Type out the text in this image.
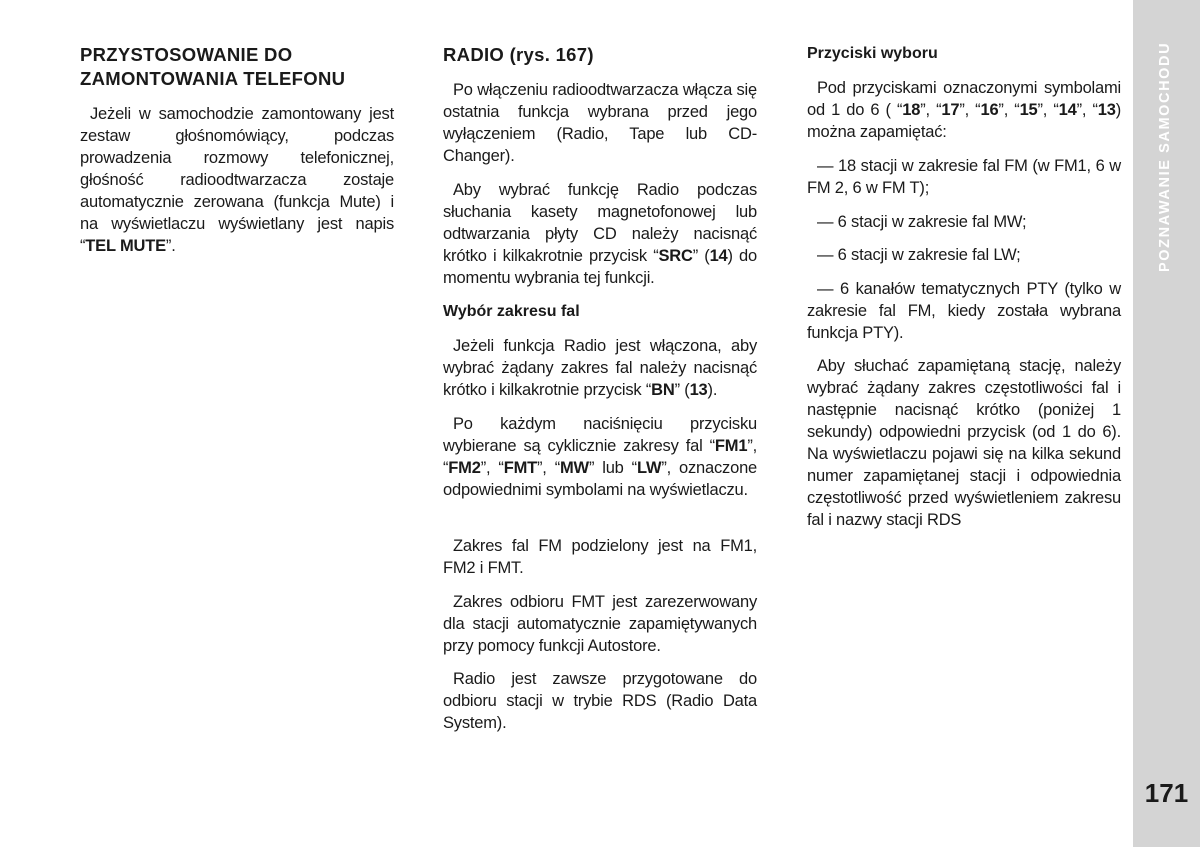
PRZYSTOSOWANIE DO
ZAMONTOWANIA TELEFONU

Jeżeli w samochodzie zamontowany jest zestaw głośnomówiący, podczas prowadzenia rozmowy telefonicznej, głośność radioodtwarzacza zostaje automatycznie zerowana (funkcja Mute) i na wyświetlaczu wyświetlany jest napis “TEL MUTE”.

RADIO (rys. 167)

Po włączeniu radioodtwarzacza włącza się ostatnia funkcja wybrana przed jego wyłączeniem (Radio, Tape lub CD-Changer).

Aby wybrać funkcję Radio podczas słuchania kasety magnetofonowej lub odtwarzania płyty CD należy nacisnąć krótko i kilkakrotnie przycisk “SRC” (14) do momentu wybrania tej funkcji.

Wybór zakresu fal

Jeżeli funkcja Radio jest włączona, aby wybrać żądany zakres fal należy nacisnąć krótko i kilkakrotnie przycisk “BN” (13).

Po każdym naciśnięciu przycisku wybierane są cyklicznie zakresy fal “FM1”, “FM2”, “FMT”, “MW” lub “LW”, oznaczone odpowiednimi symbolami na wyświetlaczu.

Zakres fal FM podzielony jest na FM1, FM2 i FMT.

Zakres odbioru FMT jest zarezerwowany dla stacji automatycznie zapamiętywanych przy pomocy funkcji Autostore.

Radio jest zawsze przygotowane do odbioru stacji w trybie RDS (Radio Data System).

Przyciski wyboru

Pod przyciskami oznaczonymi symbolami od 1 do 6 ( “18”, “17”, “16”, “15”, “14”, “13) można zapamiętać:

— 18 stacji w zakresie fal FM (w FM1, 6 w FM 2, 6 w FM T);

— 6 stacji w zakresie fal MW;

— 6 stacji w zakresie fal LW;

— 6 kanałów tematycznych PTY (tylko w zakresie fal FM, kiedy została wybrana funkcja PTY).

Aby słuchać zapamiętaną stację, należy wybrać żądany zakres częstotliwości fal i następnie nacisnąć krótko (poniżej 1 sekundy) odpowiedni przycisk (od 1 do 6). Na wyświetlaczu pojawi się na kilka sekund numer zapamiętanej stacji i odpowiednia częstotliwość przed wyświetleniem zakresu fal i nazwy stacji RDS

POZNAWANIE SAMOCHODU
171
